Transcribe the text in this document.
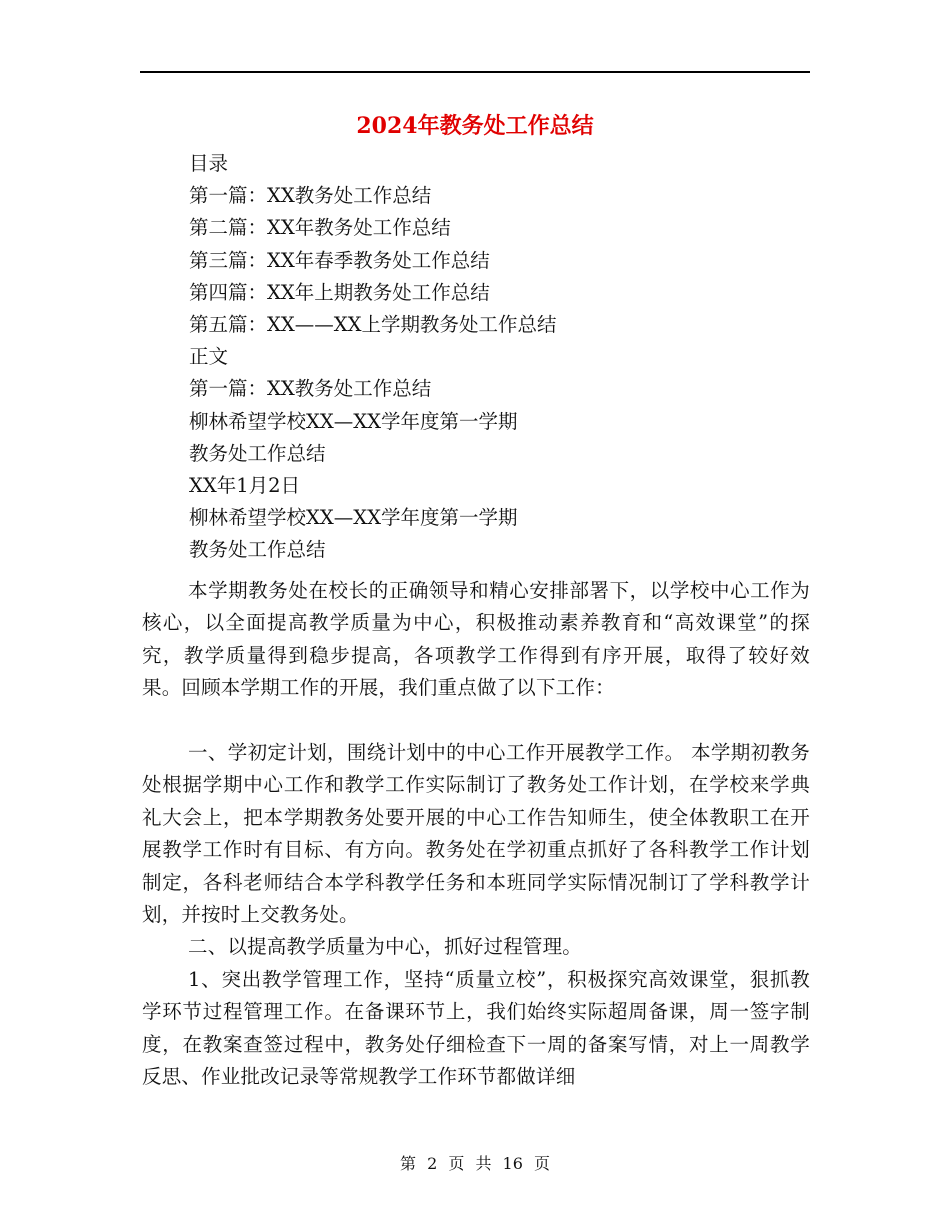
2024年教务处工作总结
目录
第一篇：XX教务处工作总结
第二篇：XX年教务处工作总结
第三篇：XX年春季教务处工作总结
第四篇：XX年上期教务处工作总结
第五篇：XX——XX上学期教务处工作总结
正文
第一篇：XX教务处工作总结
柳林希望学校XX—XX学年度第一学期
教务处工作总结
XX年1月2日
柳林希望学校XX—XX学年度第一学期
教务处工作总结

本学期教务处在校长的正确领导和精心安排部署下，以学校中心工作为核心，以全面提高教学质量为中心，积极推动素养教育和“高效课堂”的探究，教学质量得到稳步提高，各项教学工作得到有序开展，取得了较好效果。回顾本学期工作的开展，我们重点做了以下工作：

一、学初定计划，围绕计划中的中心工作开展教学工作。 本学期初教务处根据学期中心工作和教学工作实际制订了教务处工作计划，在学校来学典礼大会上，把本学期教务处要开展的中心工作告知师生，使全体教职工在开展教学工作时有目标、有方向。教务处在学初重点抓好了各科教学工作计划制定，各科老师结合本学科教学任务和本班同学实际情况制订了学科教学计划，并按时上交教务处。

二、以提高教学质量为中心，抓好过程管理。

1、突出教学管理工作，坚持“质量立校”，积极探究高效课堂，狠抓教学环节过程管理工作。在备课环节上，我们始终实际超周备课，周一签字制度，在教案查签过程中，教务处仔细检查下一周的备案写情，对上一周教学反思、作业批改记录等常规教学工作环节都做详细

第 2 页 共 16 页
